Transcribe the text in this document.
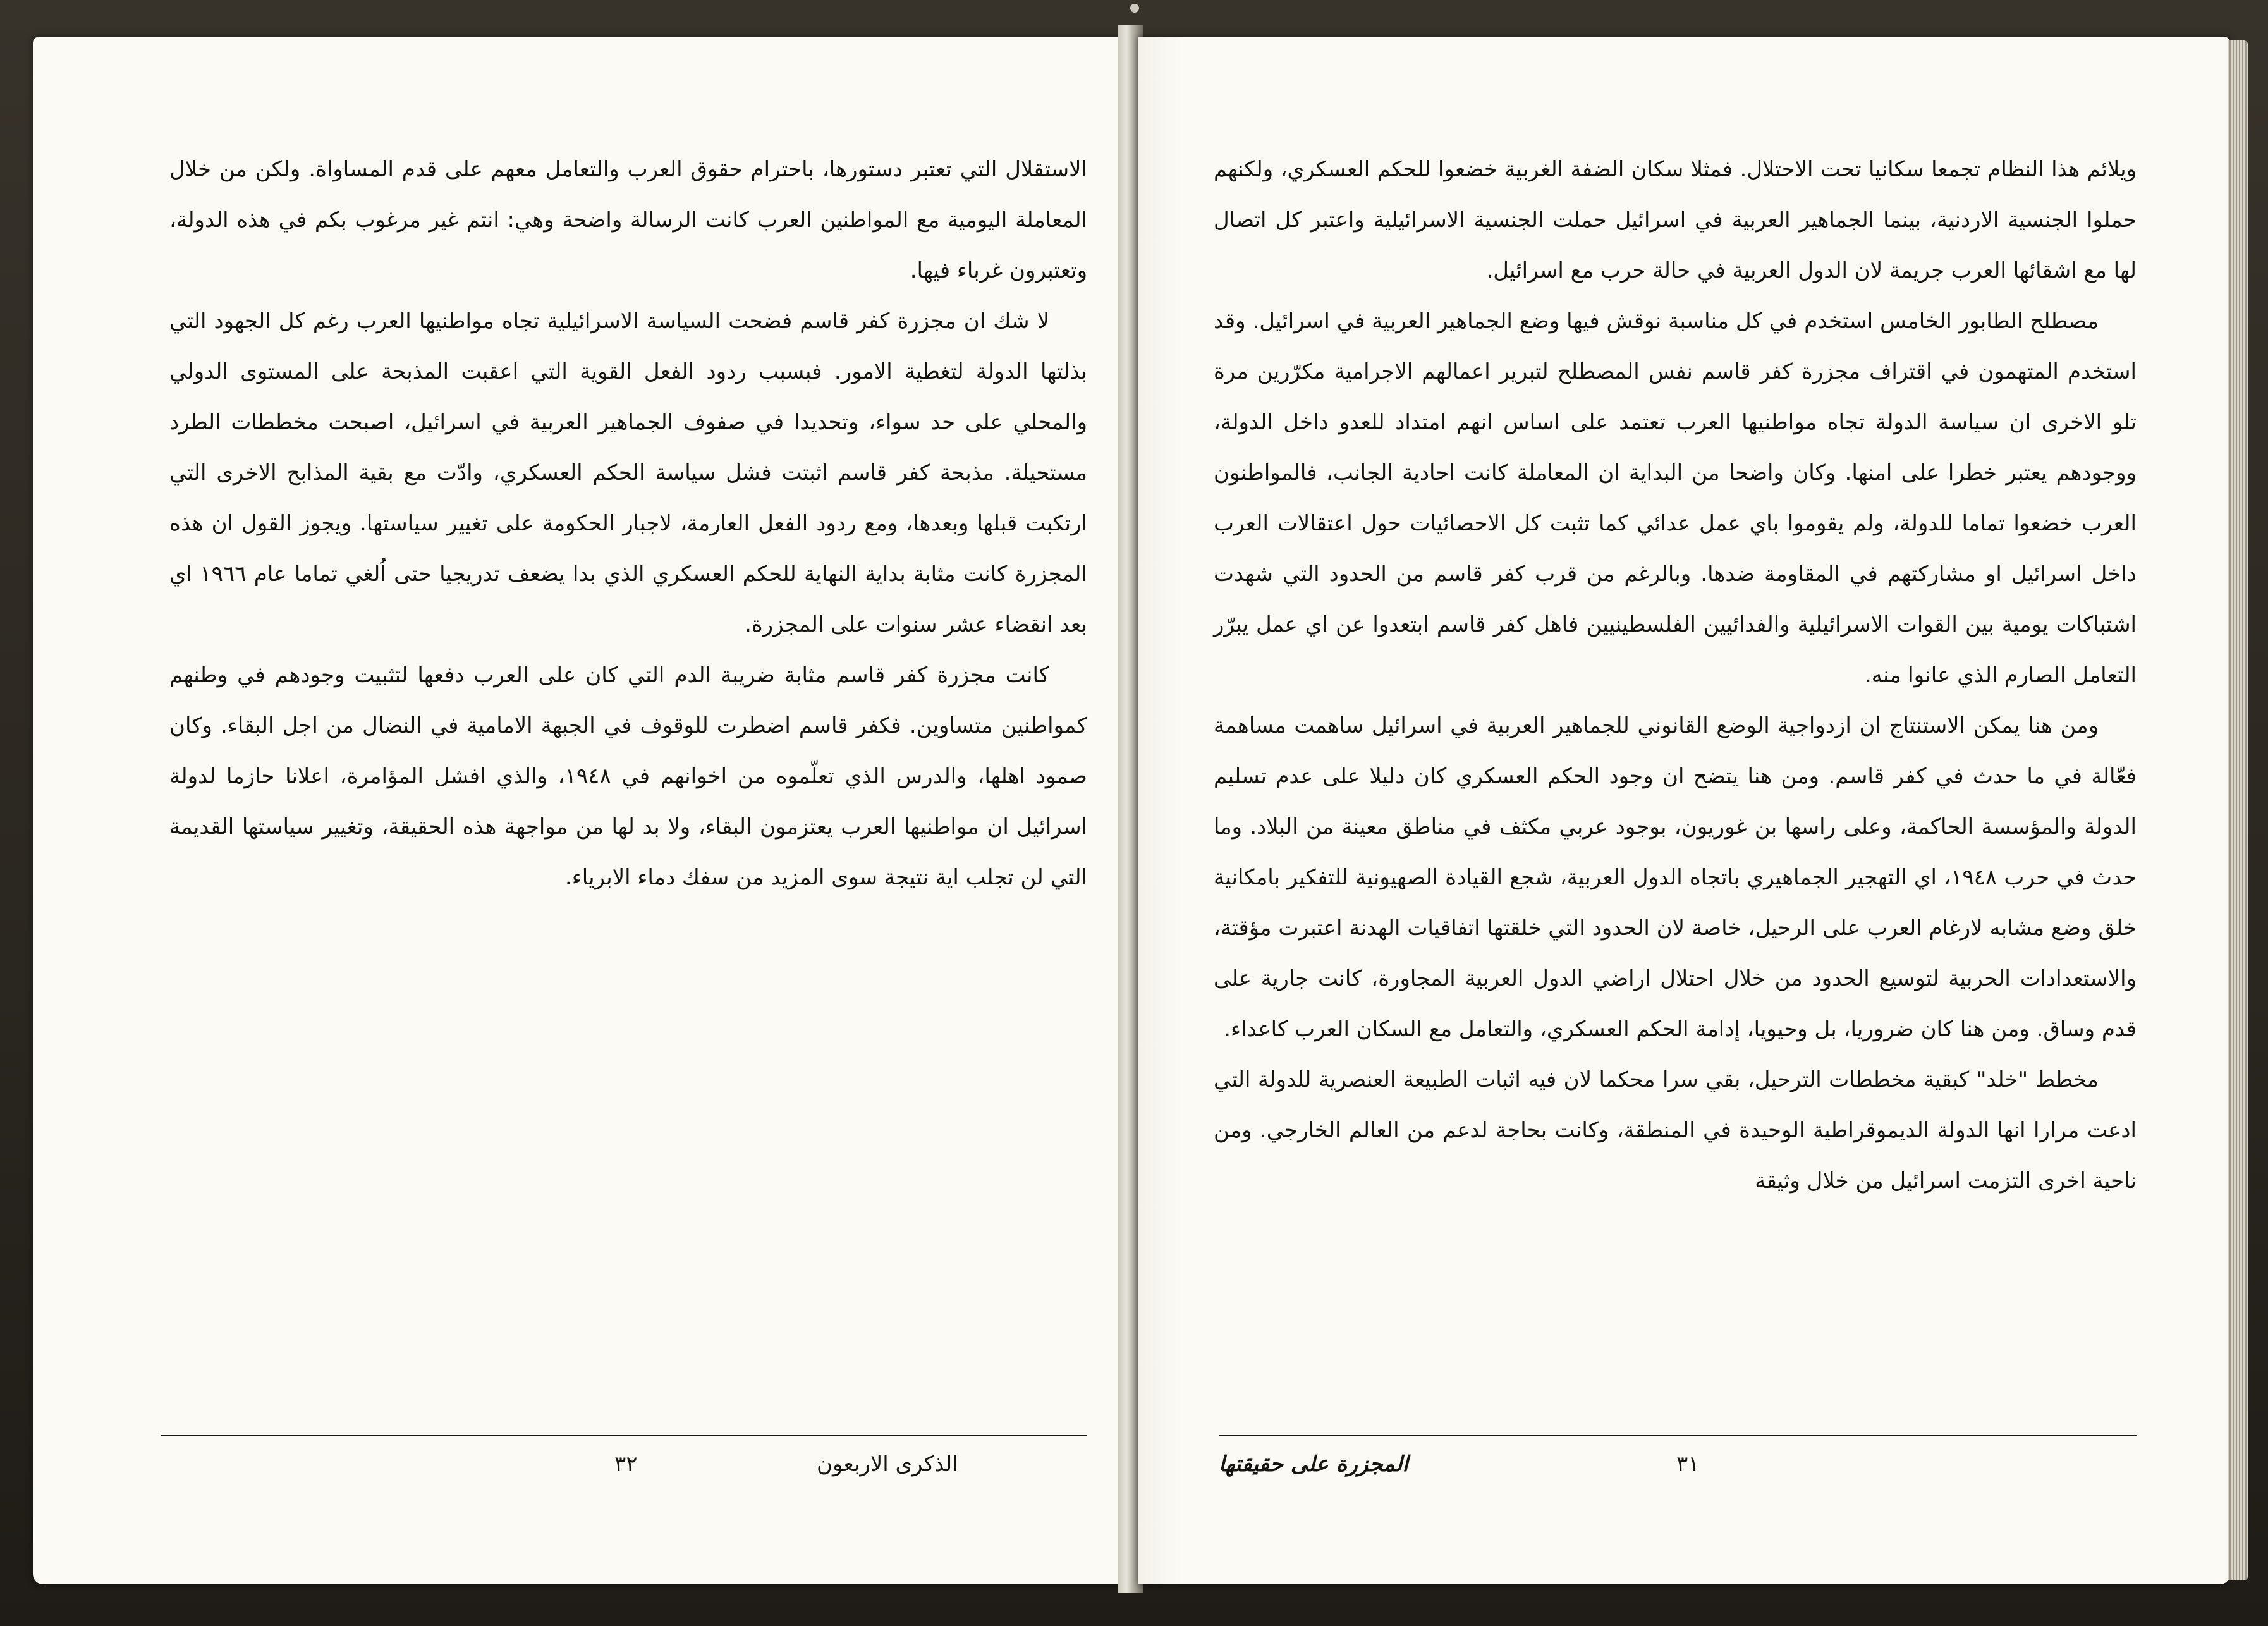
الاستقلال التي تعتبر دستورها، باحترام حقوق العرب والتعامل معهم على قدم المساواة. ولكن من خلال المعاملة اليومية مع المواطنين العرب كانت الرسالة واضحة وهي: انتم غير مرغوب بكم في هذه الدولة، وتعتبرون غرباء فيها.

لا شك ان مجزرة كفر قاسم فضحت السياسة الاسرائيلية تجاه مواطنيها العرب رغم كل الجهود التي بذلتها الدولة لتغطية الامور. فبسبب ردود الفعل القوية التي اعقبت المذبحة على المستوى الدولي والمحلي على حد سواء، وتحديدا في صفوف الجماهير العربية في اسرائيل، اصبحت مخططات الطرد مستحيلة. مذبحة كفر قاسم اثبتت فشل سياسة الحكم العسكري، وادّت مع بقية المذابح الاخرى التي ارتكبت قبلها وبعدها، ومع ردود الفعل العارمة، لاجبار الحكومة على تغيير سياستها. ويجوز القول ان هذه المجزرة كانت مثابة بداية النهاية للحكم العسكري الذي بدا يضعف تدريجيا حتى اُلغي تماما عام ١٩٦٦ اي بعد انقضاء عشر سنوات على المجزرة.

كانت مجزرة كفر قاسم مثابة ضريبة الدم التي كان على العرب دفعها لتثبيت وجودهم في وطنهم كمواطنين متساوين. فكفر قاسم اضطرت للوقوف في الجبهة الامامية في النضال من اجل البقاء. وكان صمود اهلها، والدرس الذي تعلّموه من اخوانهم في ١٩٤٨، والذي افشل المؤامرة، اعلانا حازما لدولة اسرائيل ان مواطنيها العرب يعتزمون البقاء، ولا بد لها من مواجهة هذه الحقيقة، وتغيير سياستها القديمة التي لن تجلب اية نتيجة سوى المزيد من سفك دماء الابرياء.

الذكرى الاربعون
٣٢

ويلائم هذا النظام تجمعا سكانيا تحت الاحتلال. فمثلا سكان الضفة الغربية خضعوا للحكم العسكري، ولكنهم حملوا الجنسية الاردنية، بينما الجماهير العربية في اسرائيل حملت الجنسية الاسرائيلية واعتبر كل اتصال لها مع اشقائها العرب جريمة لان الدول العربية في حالة حرب مع اسرائيل.

مصطلح الطابور الخامس استخدم في كل مناسبة نوقش فيها وضع الجماهير العربية في اسرائيل. وقد استخدم المتهمون في اقتراف مجزرة كفر قاسم نفس المصطلح لتبرير اعمالهم الاجرامية مكرّرين مرة تلو الاخرى ان سياسة الدولة تجاه مواطنيها العرب تعتمد على اساس انهم امتداد للعدو داخل الدولة، ووجودهم يعتبر خطرا على امنها. وكان واضحا من البداية ان المعاملة كانت احادية الجانب، فالمواطنون العرب خضعوا تماما للدولة، ولم يقوموا باي عمل عدائي كما تثبت كل الاحصائيات حول اعتقالات العرب داخل اسرائيل او مشاركتهم في المقاومة ضدها. وبالرغم من قرب كفر قاسم من الحدود التي شهدت اشتباكات يومية بين القوات الاسرائيلية والفدائيين الفلسطينيين فاهل كفر قاسم ابتعدوا عن اي عمل يبرّر التعامل الصارم الذي عانوا منه.

ومن هنا يمكن الاستنتاج ان ازدواجية الوضع القانوني للجماهير العربية في اسرائيل ساهمت مساهمة فعّالة في ما حدث في كفر قاسم. ومن هنا يتضح ان وجود الحكم العسكري كان دليلا على عدم تسليم الدولة والمؤسسة الحاكمة، وعلى راسها بن غوريون، بوجود عربي مكثف في مناطق معينة من البلاد. وما حدث في حرب ١٩٤٨، اي التهجير الجماهيري باتجاه الدول العربية، شجع القيادة الصهيونية للتفكير بامكانية خلق وضع مشابه لارغام العرب على الرحيل، خاصة لان الحدود التي خلقتها اتفاقيات الهدنة اعتبرت مؤقتة، والاستعدادات الحربية لتوسيع الحدود من خلال احتلال اراضي الدول العربية المجاورة، كانت جارية على قدم وساق. ومن هنا كان ضروريا، بل وحيويا، إدامة الحكم العسكري، والتعامل مع السكان العرب كاعداء.

مخطط "خلد" كبقية مخططات الترحيل، بقي سرا محكما لان فيه اثبات الطبيعة العنصرية للدولة التي ادعت مرارا انها الدولة الديموقراطية الوحيدة في المنطقة، وكانت بحاجة لدعم من العالم الخارجي. ومن ناحية اخرى التزمت اسرائيل من خلال وثيقة

المجزرة على حقيقتها	٣١
